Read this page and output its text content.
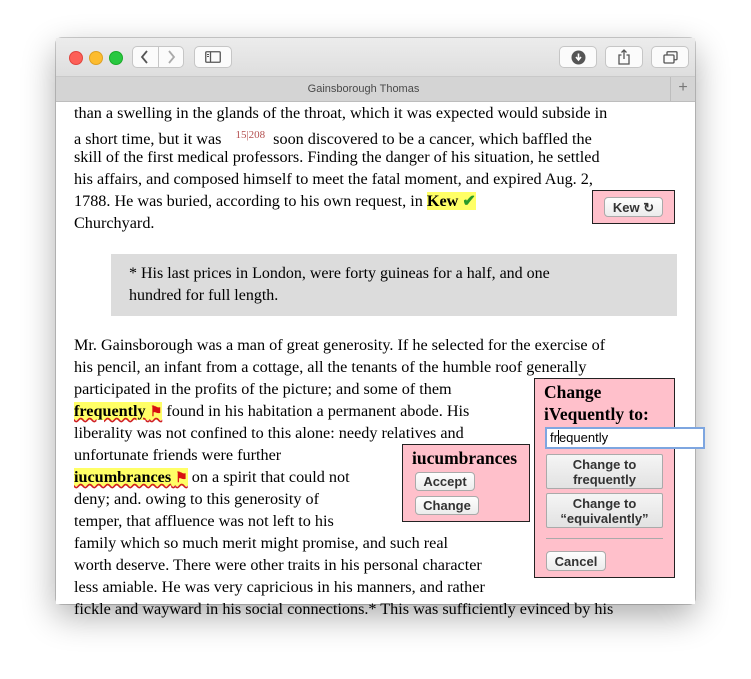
Gainsborough Thomas	+
than a swelling in the glands of the throat, which it was expected would subside in
a short time, but it was $^{15|208}$ soon discovered to be a cancer, which baffled the
skill of the first medical professors. Finding the danger of his situation, he settled
his affairs, and composed himself to meet the fatal moment, and expired Aug. 2,
1788. He was buried, according to his own request, in Kew ✔
Churchyard.
Kew
↻
* His last prices in London, were forty guineas for a half, and one
hundred for full length.
Mr. Gainsborough was a man of great generosity. If he selected for the exercise of
his pencil, an infant from a cottage, all the tenants of the humble roof generally
participated in the profits of the picture; and some of them
frequently ⚑ found in his habitation a permanent abode. His
liberality was not confined to this alone: needy relatives and
unfortunate friends were further
iucumbrances ⚑ on a spirit that could not
deny; and. owing to this generosity of
temper, that affluence was not left to his
family which so much merit might promise, and such real
worth deserve. There were other traits in his personal character
less amiable. He was very capricious in his manners, and rather
fickle and wayward in his social connections.* This was sufficiently evinced by his
iucumbrances
Accept
Change
Change
iVequently to:
frequently
Change to
frequently
Change to
“equivalently”
Cancel
